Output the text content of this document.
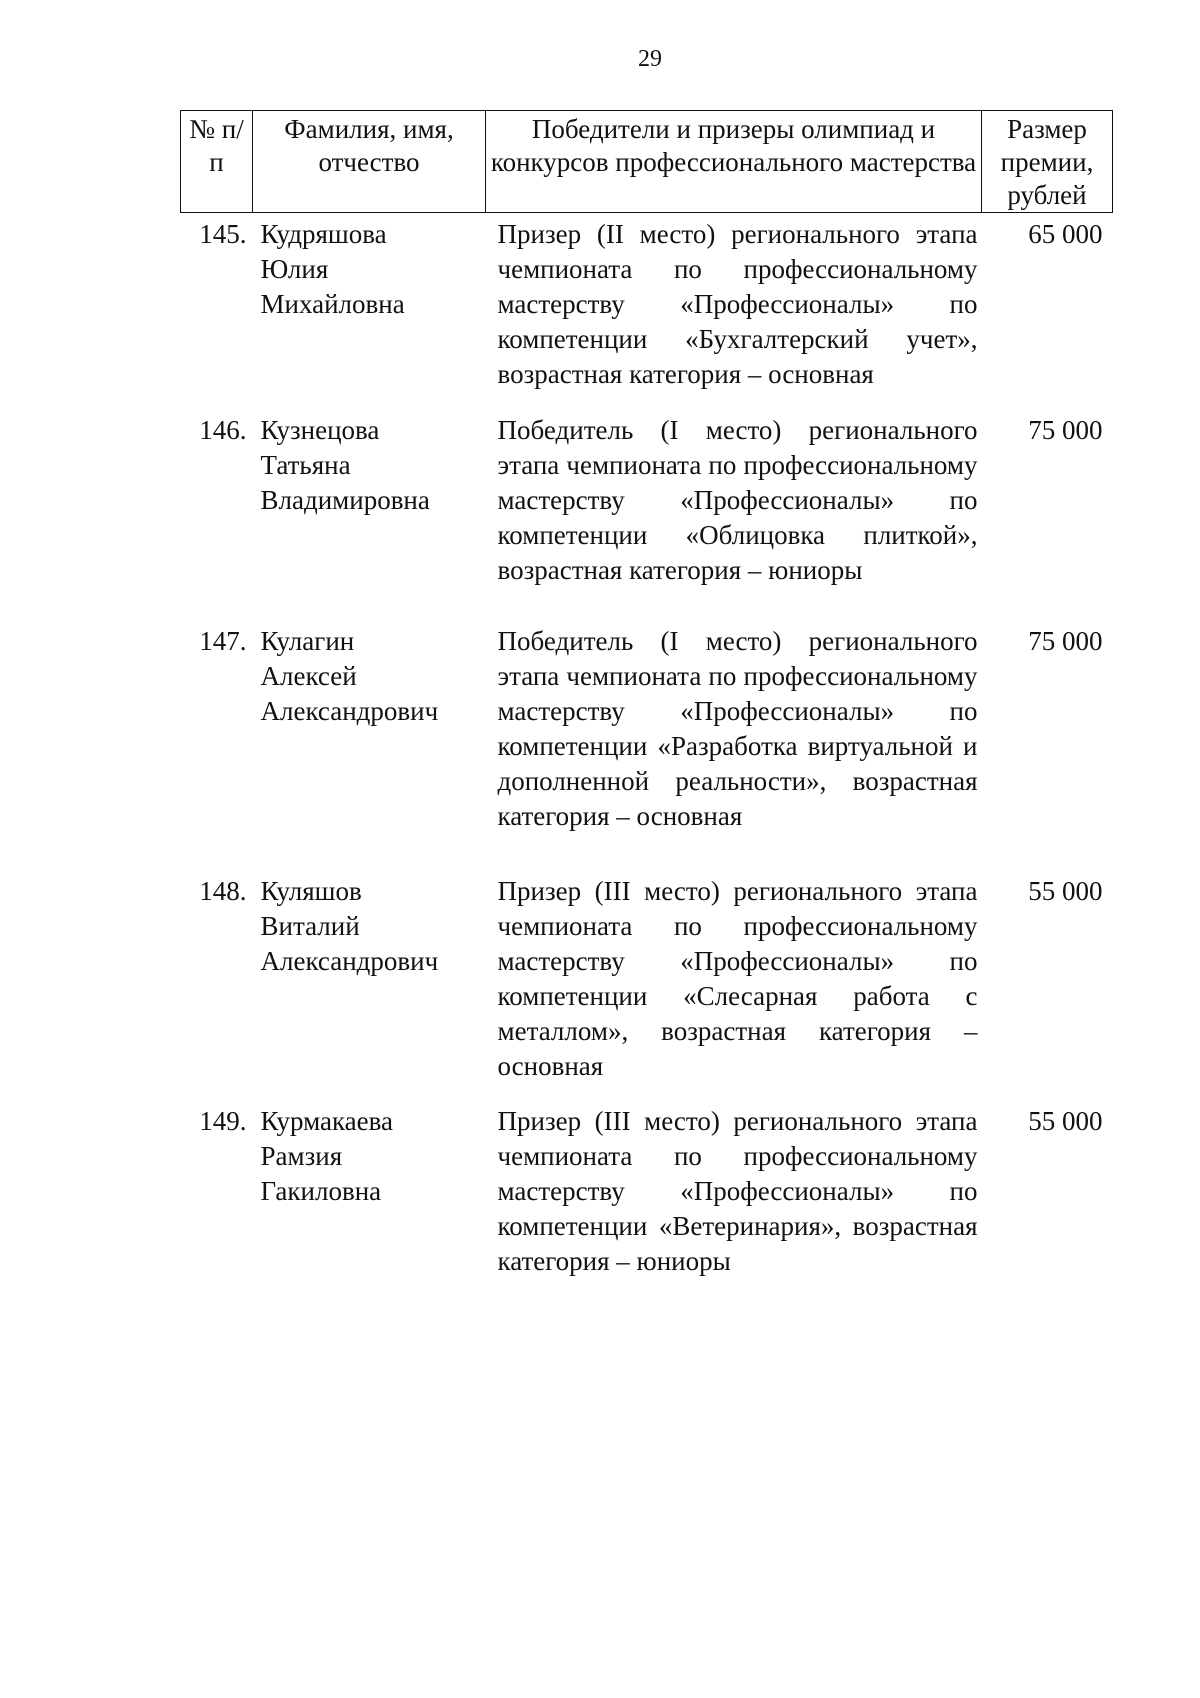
29
№ п/п	Фамилия, имя, отчество	Победители и призеры олимпиад и конкурсов профессионального мастерства	Размер премии, рублей
145.	Кудряшова
Юлия
Михайловна	Призер (II место) регионального этапа чемпионата по профессиональному мастерству «Профессионалы» по компетенции «Бухгалтерский учет», возрастная категория – основная	65 000
146.	Кузнецова
Татьяна
Владимировна	Победитель (I место) регионального этапа чемпионата по профессиональному мастерству «Профессионалы» по компетенции «Облицовка плиткой», возрастная категория – юниоры	75 000
147.	Кулагин
Алексей
Александрович	Победитель (I место) регионального этапа чемпионата по профессиональному мастерству «Профессионалы» по компетенции «Разработка виртуальной и дополненной реальности», возрастная категория – основная	75 000
148.	Куляшов
Виталий
Александрович	Призер (III место) регионального этапа чемпионата по профессиональному мастерству «Профессионалы» по компетенции «Слесарная работа с металлом», возрастная категория – основная	55 000
149.	Курмакаева
Рамзия
Гакиловна	Призер (III место) регионального этапа чемпионата по профессиональному мастерству «Профессионалы» по компетенции «Ветеринария», возрастная категория – юниоры	55 000
